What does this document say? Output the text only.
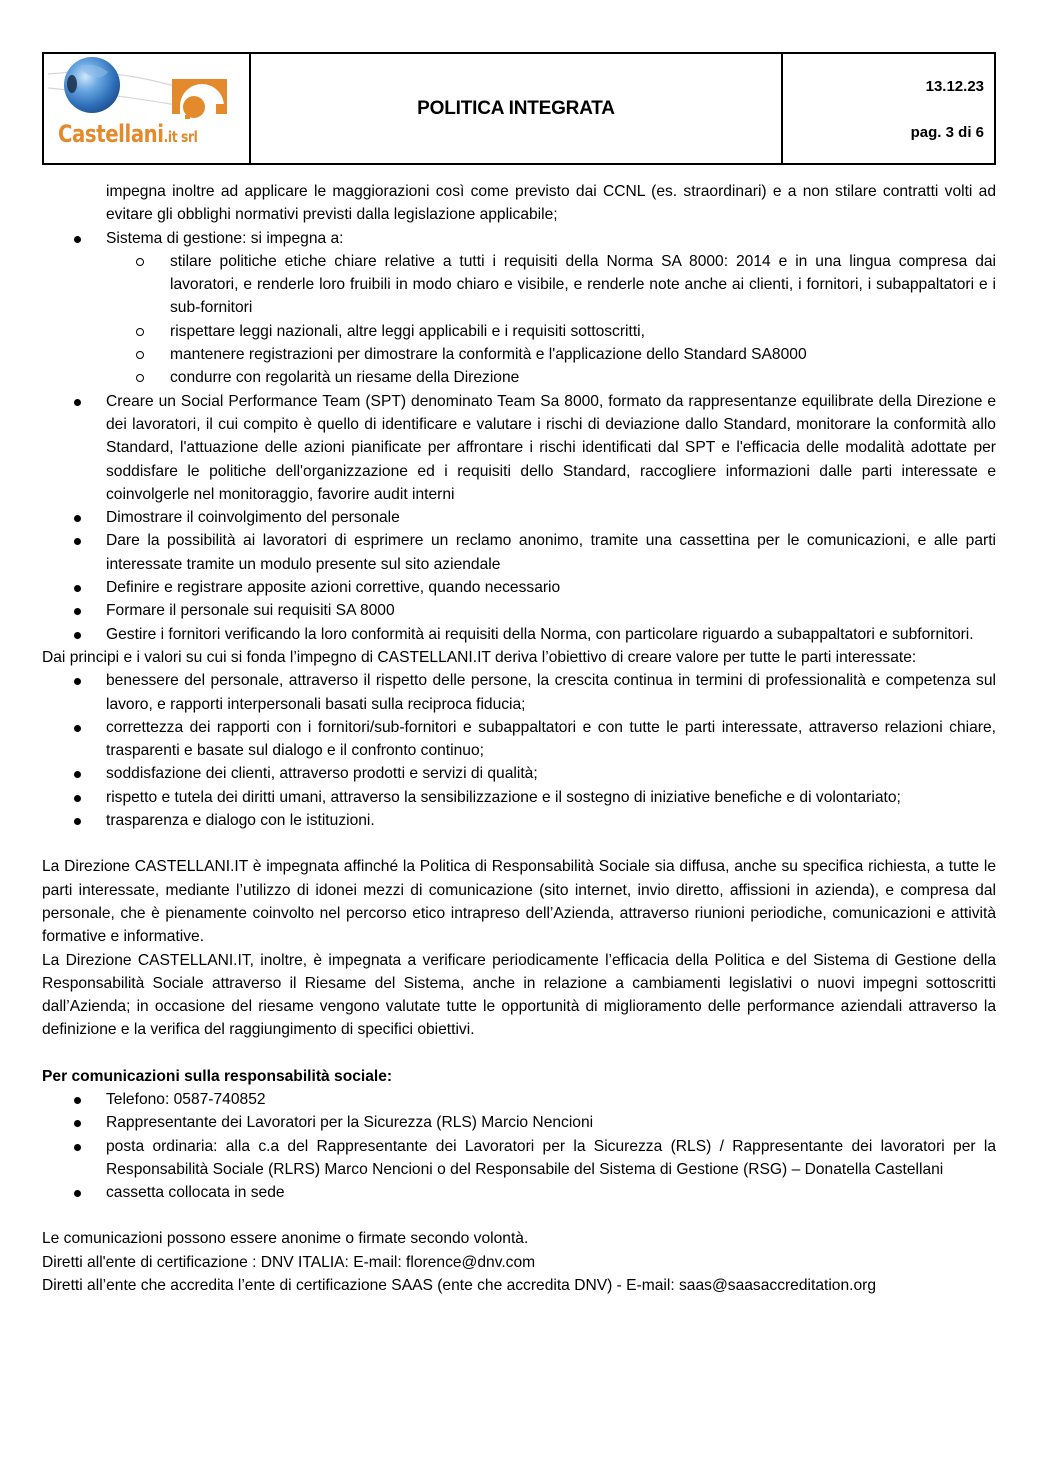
Castellani.it srl
POLITICA INTEGRATA
13.12.23
pag. 3 di 6

impegna inoltre ad applicare le maggiorazioni così come previsto dai CCNL (es. straordinari) e a non stilare contratti volti ad evitare gli obblighi normativi previsti dalla legislazione applicabile;

Sistema di gestione: si impegna a:
stilare politiche etiche chiare relative a tutti i requisiti della Norma SA 8000: 2014 e in una lingua compresa dai lavoratori, e renderle loro fruibili in modo chiaro e visibile, e renderle note anche ai clienti, i fornitori, i subappaltatori e i sub-fornitori
rispettare leggi nazionali, altre leggi applicabili e i requisiti sottoscritti,
mantenere registrazioni per dimostrare la conformità e l'applicazione dello Standard SA8000
condurre con regolarità un riesame della Direzione
Creare un Social Performance Team (SPT) denominato Team Sa 8000, formato da rappresentanze equilibrate della Direzione e dei lavoratori, il cui compito è quello di identificare e valutare i rischi di deviazione dallo Standard, monitorare la conformità allo Standard, l'attuazione delle azioni pianificate per affrontare i rischi identificati dal SPT e l'efficacia delle modalità adottate per soddisfare le politiche dell'organizzazione ed i requisiti dello Standard, raccogliere informazioni dalle parti interessate e coinvolgerle nel monitoraggio, favorire audit interni
Dimostrare il coinvolgimento del personale
Dare la possibilità ai lavoratori di esprimere un reclamo anonimo, tramite una cassettina per le comunicazioni, e alle parti interessate tramite un modulo presente sul sito aziendale
Definire e registrare apposite azioni correttive, quando necessario
Formare il personale sui requisiti SA 8000
Gestire i fornitori verificando la loro conformità ai requisiti della Norma, con particolare riguardo a subappaltatori e subfornitori.

Dai principi e i valori su cui si fonda l’impegno di CASTELLANI.IT deriva l’obiettivo di creare valore per tutte le parti interessate:

benessere del personale, attraverso il rispetto delle persone, la crescita continua in termini di professionalità e competenza sul lavoro, e rapporti interpersonali basati sulla reciproca fiducia;
correttezza dei rapporti con i fornitori/sub-fornitori e subappaltatori e con tutte le parti interessate, attraverso relazioni chiare, trasparenti e basate sul dialogo e il confronto continuo;
soddisfazione dei clienti, attraverso prodotti e servizi di qualità;
rispetto e tutela dei diritti umani, attraverso la sensibilizzazione e il sostegno di iniziative benefiche e di volontariato;
trasparenza e dialogo con le istituzioni.

La Direzione CASTELLANI.IT è impegnata affinché la Politica di Responsabilità Sociale sia diffusa, anche su specifica richiesta, a tutte le parti interessate, mediante l’utilizzo di idonei mezzi di comunicazione (sito internet, invio diretto, affissioni in azienda), e compresa dal personale, che è pienamente coinvolto nel percorso etico intrapreso dell’Azienda, attraverso riunioni periodiche, comunicazioni e attività formative e informative.

La Direzione CASTELLANI.IT, inoltre, è impegnata a verificare periodicamente l’efficacia della Politica e del Sistema di Gestione della Responsabilità Sociale attraverso il Riesame del Sistema, anche in relazione a cambiamenti legislativi o nuovi impegni sottoscritti dall’Azienda; in occasione del riesame vengono valutate tutte le opportunità di miglioramento delle performance aziendali attraverso la definizione e la verifica del raggiungimento di specifici obiettivi.

Per comunicazioni sulla responsabilità sociale:

Telefono: 0587-740852
Rappresentante dei Lavoratori per la Sicurezza (RLS) Marcio Nencioni
posta ordinaria: alla c.a del Rappresentante dei Lavoratori per la Sicurezza (RLS) / Rappresentante dei lavoratori per la Responsabilità Sociale (RLRS) Marco Nencioni o del Responsabile del Sistema di Gestione (RSG) – Donatella Castellani
cassetta collocata in sede

Le comunicazioni possono essere anonime o firmate secondo volontà.

Diretti all'ente di certificazione : DNV ITALIA: E-mail: florence@dnv.com

Diretti all’ente che accredita l’ente di certificazione SAAS (ente che accredita DNV) - E-mail: saas@saasaccreditation.org
